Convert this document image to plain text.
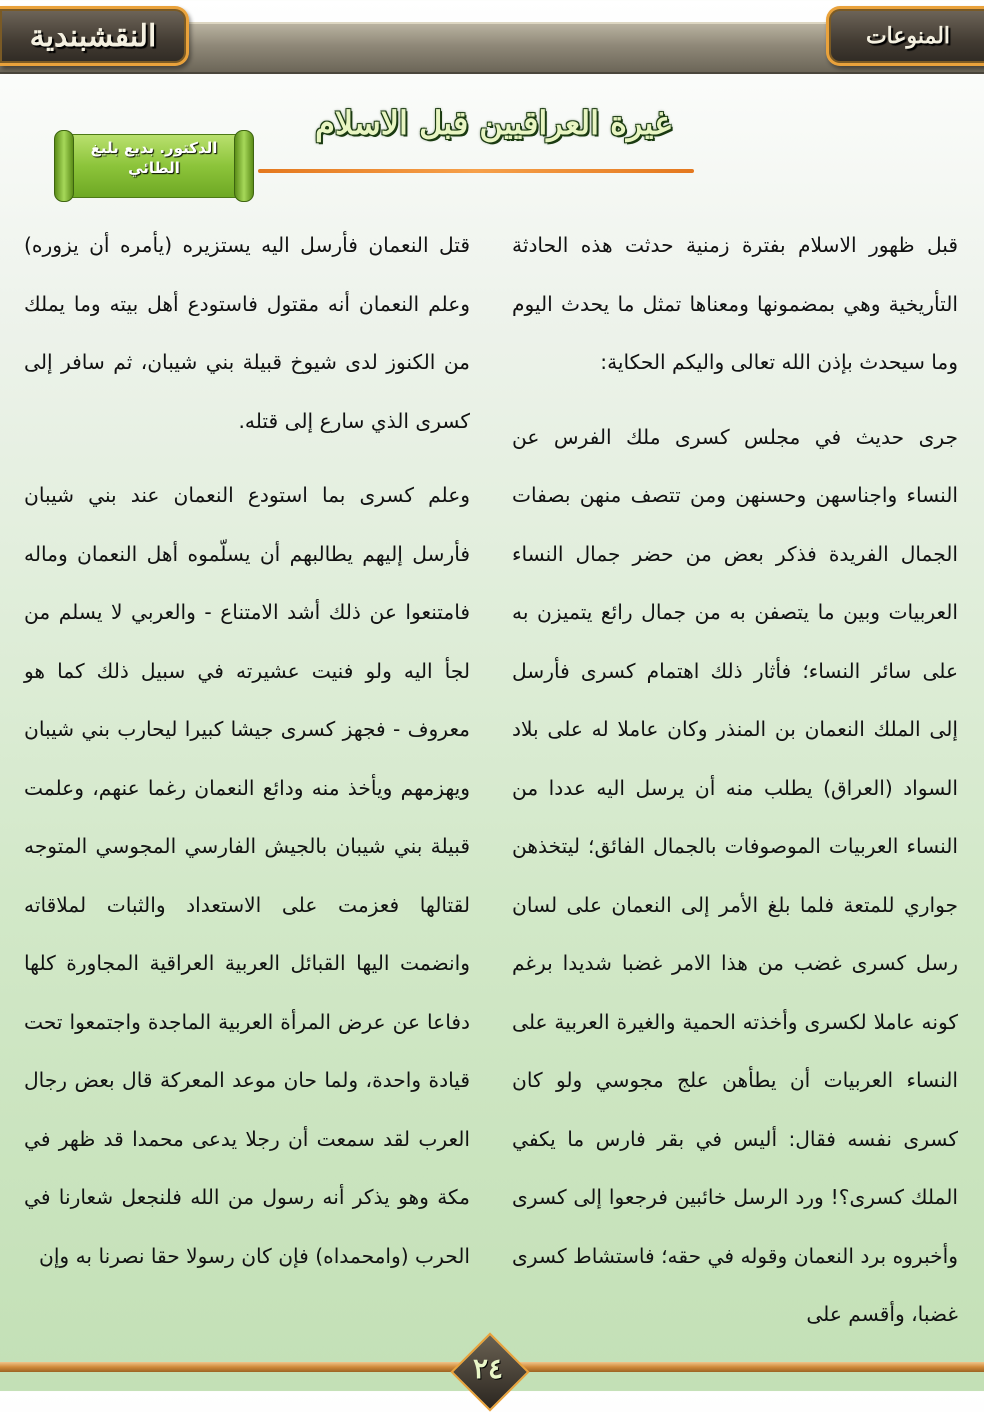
النقشبندية	المنوعات
غيرة العراقيين قبل الاسلام
الدكتور. بديع بليغ الطائي

قبل ظهور الاسلام بفترة زمنية حدثت هذه الحادثة التأريخية وهي بمضمونها ومعناها تمثل ما يحدث اليوم وما سيحدث بإذن الله تعالى واليكم الحكاية:

جرى حديث في مجلس كسرى ملك الفرس عن النساء واجناسهن وحسنهن ومن تتصف منهن بصفات الجمال الفريدة فذكر بعض من حضر جمال النساء العربيات وبين ما يتصفن به من جمال رائع يتميزن به على سائر النساء؛ فأثار ذلك اهتمام كسرى فأرسل إلى الملك النعمان بن المنذر وكان عاملا له على بلاد السواد (العراق) يطلب منه أن يرسل اليه عددا من النساء العربيات الموصوفات بالجمال الفائق؛ ليتخذهن جواري للمتعة فلما بلغ الأمر إلى النعمان على لسان رسل كسرى غضب من هذا الامر غضبا شديدا برغم كونه عاملا لكسرى وأخذته الحمية والغيرة العربية على النساء العربيات أن يطأهن علج مجوسي ولو كان كسرى نفسه فقال: أليس في بقر فارس ما يكفي الملك كسرى؟! ورد الرسل خائبين فرجعوا إلى كسرى وأخبروه برد النعمان وقوله في حقه؛ فاستشاط كسرى غضبا، وأقسم على

قتل النعمان فأرسل اليه يستزيره (يأمره أن يزوره) وعلم النعمان أنه مقتول فاستودع أهل بيته وما يملك من الكنوز لدى شيوخ قبيلة بني شيبان، ثم سافر إلى كسرى الذي سارع إلى قتله.

وعلم كسرى بما استودع النعمان عند بني شيبان فأرسل إليهم يطالبهم أن يسلّموه أهل النعمان وماله فامتنعوا عن ذلك أشد الامتناع - والعربي لا يسلم من لجأ اليه ولو فنيت عشيرته في سبيل ذلك كما هو معروف - فجهز كسرى جيشا كبيرا ليحارب بني شيبان ويهزمهم ويأخذ منه ودائع النعمان رغما عنهم، وعلمت قبيلة بني شيبان بالجيش الفارسي المجوسي المتوجه لقتالها فعزمت على الاستعداد والثبات لملاقاته وانضمت اليها القبائل العربية العراقية المجاورة كلها دفاعا عن عرض المرأة العربية الماجدة واجتمعوا تحت قيادة واحدة، ولما حان موعد المعركة قال بعض رجال العرب لقد سمعت أن رجلا يدعى محمدا قد ظهر في مكة وهو يذكر أنه رسول من الله فلنجعل شعارنا في الحرب (وامحمداه) فإن كان رسولا حقا نصرنا به وإن

٢٤
